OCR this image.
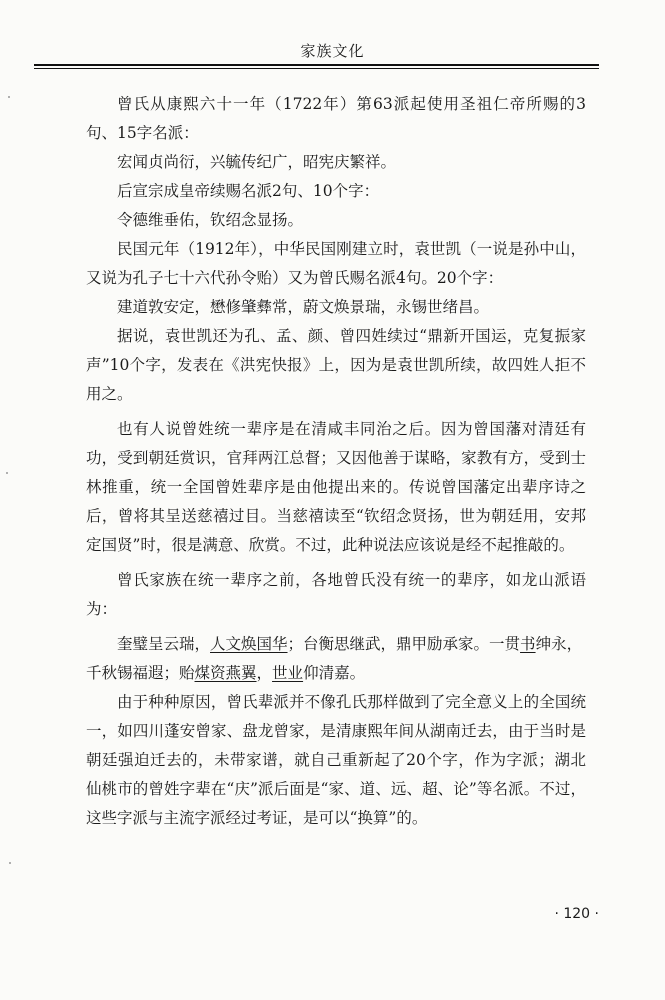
家族文化

曾氏从康熙六十一年（1722年）第63派起使用圣祖仁帝所赐的3句、15字名派：

宏闻贞尚衍，兴毓传纪广，昭宪庆繁祥。

后宣宗成皇帝续赐名派2句、10个字：

令德维垂佑，钦绍念显扬。

民国元年（1912年），中华民国刚建立时，袁世凯（一说是孙中山，又说为孔子七十六代孙令贻）又为曾氏赐名派4句。20个字：

建道敦安定，懋修肇彝常，蔚文焕景瑞，永锡世绪昌。

据说，袁世凯还为孔、孟、颜、曾四姓续过“鼎新开国运，克复振家声”10个字，发表在《洪宪快报》上，因为是袁世凯所续，故四姓人拒不用之。

也有人说曾姓统一辈序是在清咸丰同治之后。因为曾国藩对清廷有功，受到朝廷赏识，官拜两江总督；又因他善于谋略，家教有方，受到士林推重，统一全国曾姓辈序是由他提出来的。传说曾国藩定出辈序诗之后，曾将其呈送慈禧过目。当慈禧读至“钦绍念贤扬，世为朝廷用，安邦定国贤”时，很是满意、欣赏。不过，此种说法应该说是经不起推敲的。

曾氏家族在统一辈序之前，各地曾氏没有统一的辈序，如龙山派语为：

奎璧呈云瑞，人文焕国华；台衡思继武，鼎甲励承家。一贯书绅永，

千秋锡福遐；贻煤资燕翼，世业仰清嘉。

由于种种原因，曾氏辈派并不像孔氏那样做到了完全意义上的全国统一，如四川蓬安曾家、盘龙曾家，是清康熙年间从湖南迁去，由于当时是朝廷强迫迁去的，未带家谱，就自己重新起了20个字，作为字派；湖北仙桃市的曾姓字辈在“庆”派后面是“家、道、远、超、论”等名派。不过，这些字派与主流字派经过考证，是可以“换算”的。

· 120 ·
